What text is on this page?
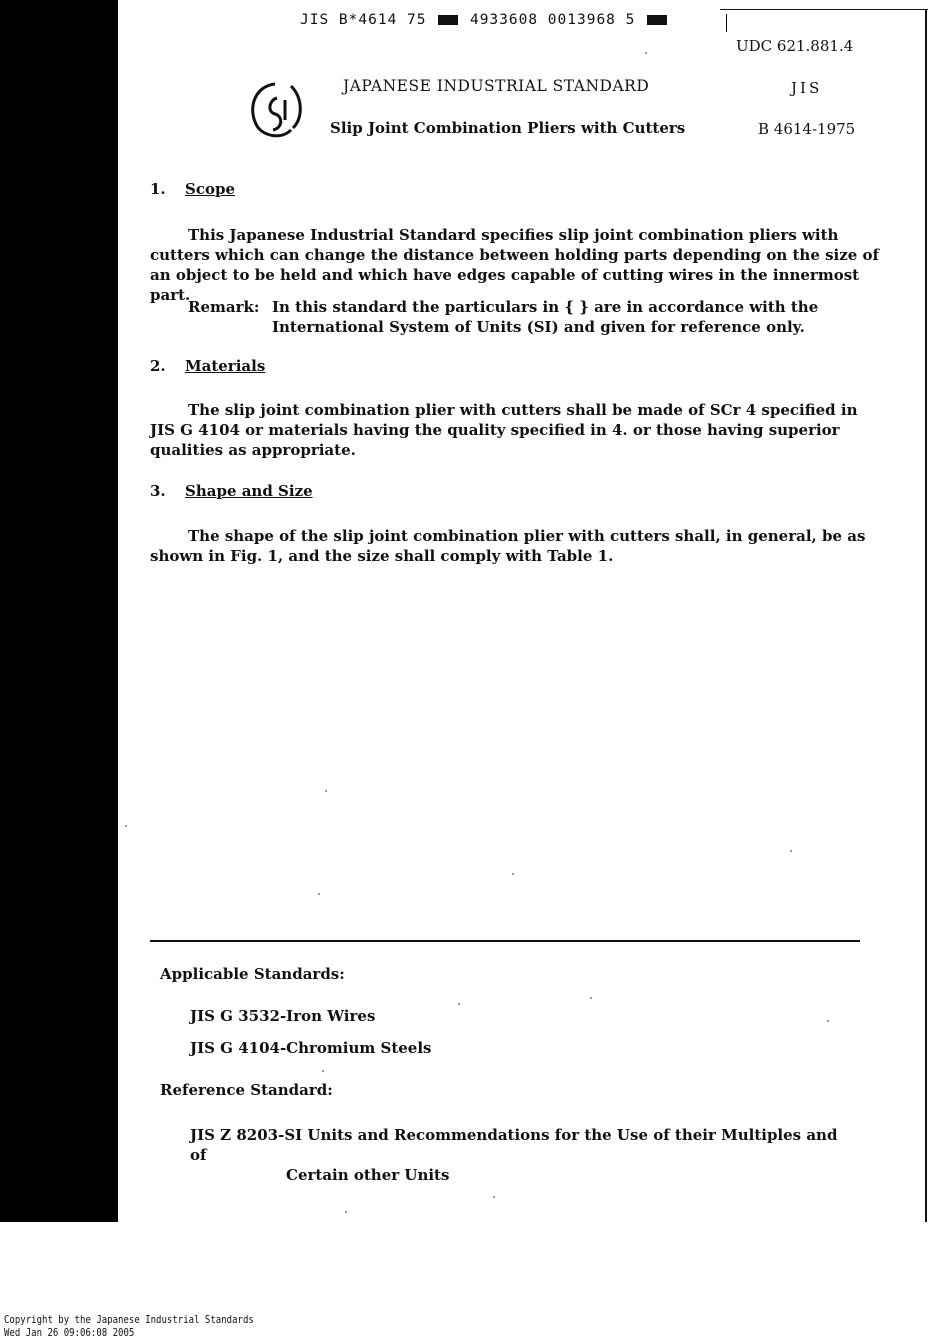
JIS B*4614 75	4933608 0013968 5
UDC 621.881.4
JAPANESE INDUSTRIAL STANDARD	JIS
Slip Joint Combination Pliers with Cutters	B 4614-1975
1. Scope

This Japanese Industrial Standard specifies slip joint combination pliers with cutters which can change the distance between holding parts depending on the size of an object to be held and which have edges capable of cutting wires in the innermost part.

Remark: In this standard the particulars in { } are in accordance with the International System of Units (SI) and given for reference only.
2. Materials

The slip joint combination plier with cutters shall be made of SCr 4 specified in JIS G 4104 or materials having the quality specified in 4. or those having superior qualities as appropriate.

3. Shape and Size

The shape of the slip joint combination plier with cutters shall, in general, be as shown in Fig. 1, and the size shall comply with Table 1.

Applicable Standards:
JIS G 3532-Iron Wires
JIS G 4104-Chromium Steels
Reference Standard:
JIS Z 8203-SI Units and Recommendations for the Use of their Multiples and of
Certain other Units
Copyright by the Japanese Industrial Standards
Wed Jan 26 09:06:08 2005
